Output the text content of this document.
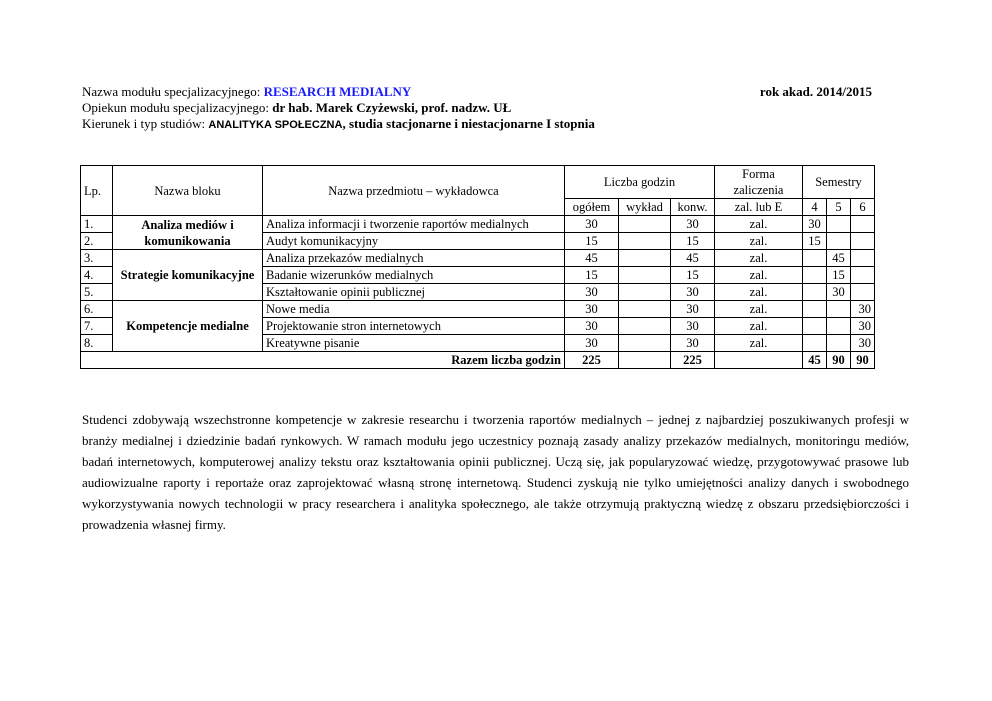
Nazwa modułu specjalizacyjnego: RESEARCH MEDIALNY	rok akad. 2014/2015
Opiekun modułu specjalizacyjnego: dr hab. Marek Czyżewski, prof. nadzw. UŁ
Kierunek i typ studiów: ANALITYKA SPOŁECZNA, studia stacjonarne i niestacjonarne I stopnia
Lp.	Nazwa bloku	Nazwa przedmiotu – wykładowca	Liczba godzin			Forma zaliczenia	Semestry		
			ogółem	wykład	konw.	zal. lub E	4	5	6
1.	Analiza mediów i komunikowania	Analiza informacji i tworzenie raportów medialnych	30		30	zal.	30		
2.		Audyt komunikacyjny	15		15	zal.	15		
3.	Strategie komunikacyjne	Analiza przekazów medialnych	45		45	zal.		45	
4.		Badanie wizerunków medialnych	15		15	zal.		15	
5.		Kształtowanie opinii publicznej	30		30	zal.		30	
6.	Kompetencje medialne	Nowe media	30		30	zal.			30
7.		Projektowanie stron internetowych	30		30	zal.			30
8.		Kreatywne pisanie	30		30	zal.			30
Razem liczba godzin			225		225		45	90	90
Studenci zdobywają wszechstronne kompetencje w zakresie researchu i tworzenia raportów medialnych – jednej z najbardziej poszukiwanych profesji w branży medialnej i dziedzinie badań rynkowych. W ramach modułu jego uczestnicy poznają zasady analizy przekazów medialnych, monitoringu mediów, badań internetowych, komputerowej analizy tekstu oraz kształtowania opinii publicznej. Uczą się, jak popularyzować wiedzę, przygotowywać prasowe lub audiowizualne raporty i reportaże oraz zaprojektować własną stronę internetową. Studenci zyskują nie tylko umiejętności analizy danych i swobodnego wykorzystywania nowych technologii w pracy researchera i analityka społecznego, ale także otrzymują praktyczną wiedzę z obszaru przedsiębiorczości i prowadzenia własnej firmy.
